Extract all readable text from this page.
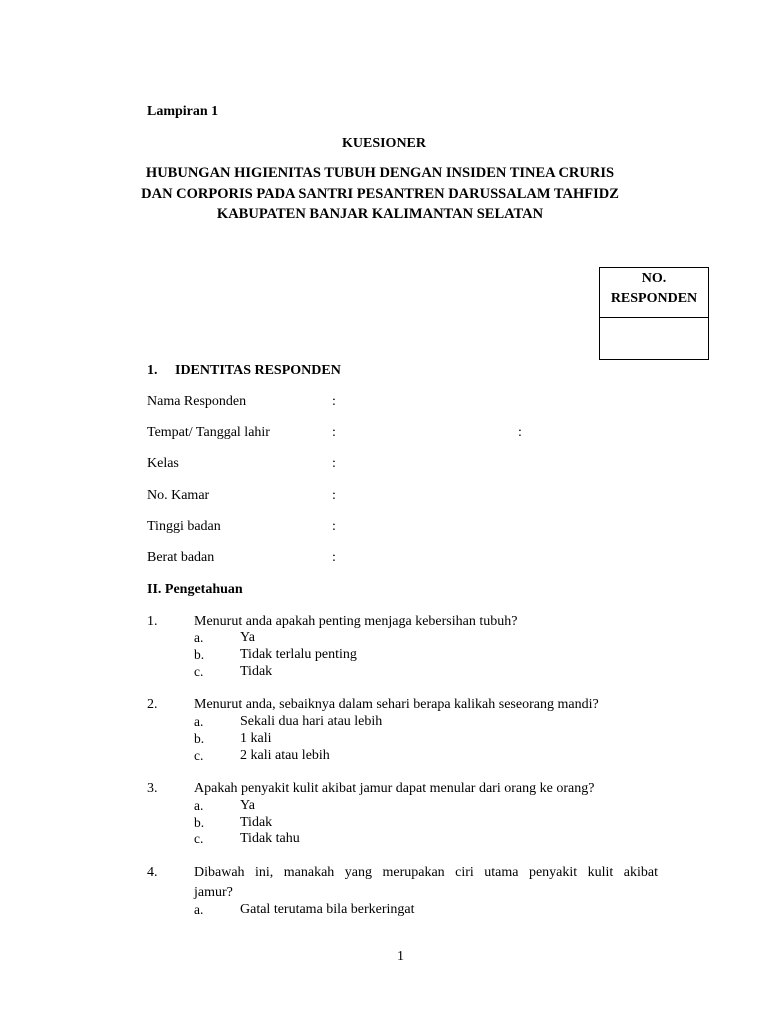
Lampiran 1
KUESIONER
HUBUNGAN HIGIENITAS TUBUH DENGAN INSIDEN TINEA CRURIS
DAN CORPORIS PADA SANTRI PESANTREN DARUSSALAM TAHFIDZ
KABUPATEN BANJAR KALIMANTAN SELATAN
NO.
RESPONDEN
1. IDENTITAS RESPONDEN
Nama Responden	:
Tempat/ Tanggal lahir	:	:
Kelas	:
No. Kamar	:
Tinggi badan	:
Berat badan	:
II. Pengetahuan
1.	Menurut anda apakah penting menjaga kebersihan tubuh?
a.	Ya
b.	Tidak terlalu penting
c.	Tidak
2.	Menurut anda, sebaiknya dalam sehari berapa kalikah seseorang mandi?
a.	Sekali dua hari atau lebih
b.	1 kali
c.	2 kali atau lebih
3.	Apakah penyakit kulit akibat jamur dapat menular dari orang ke orang?
a.	Ya
b.	Tidak
c.	Tidak tahu
4.	Dibawah ini, manakah yang merupakan ciri utama penyakit kulit akibat
jamur?
a.	Gatal terutama bila berkeringat
1
